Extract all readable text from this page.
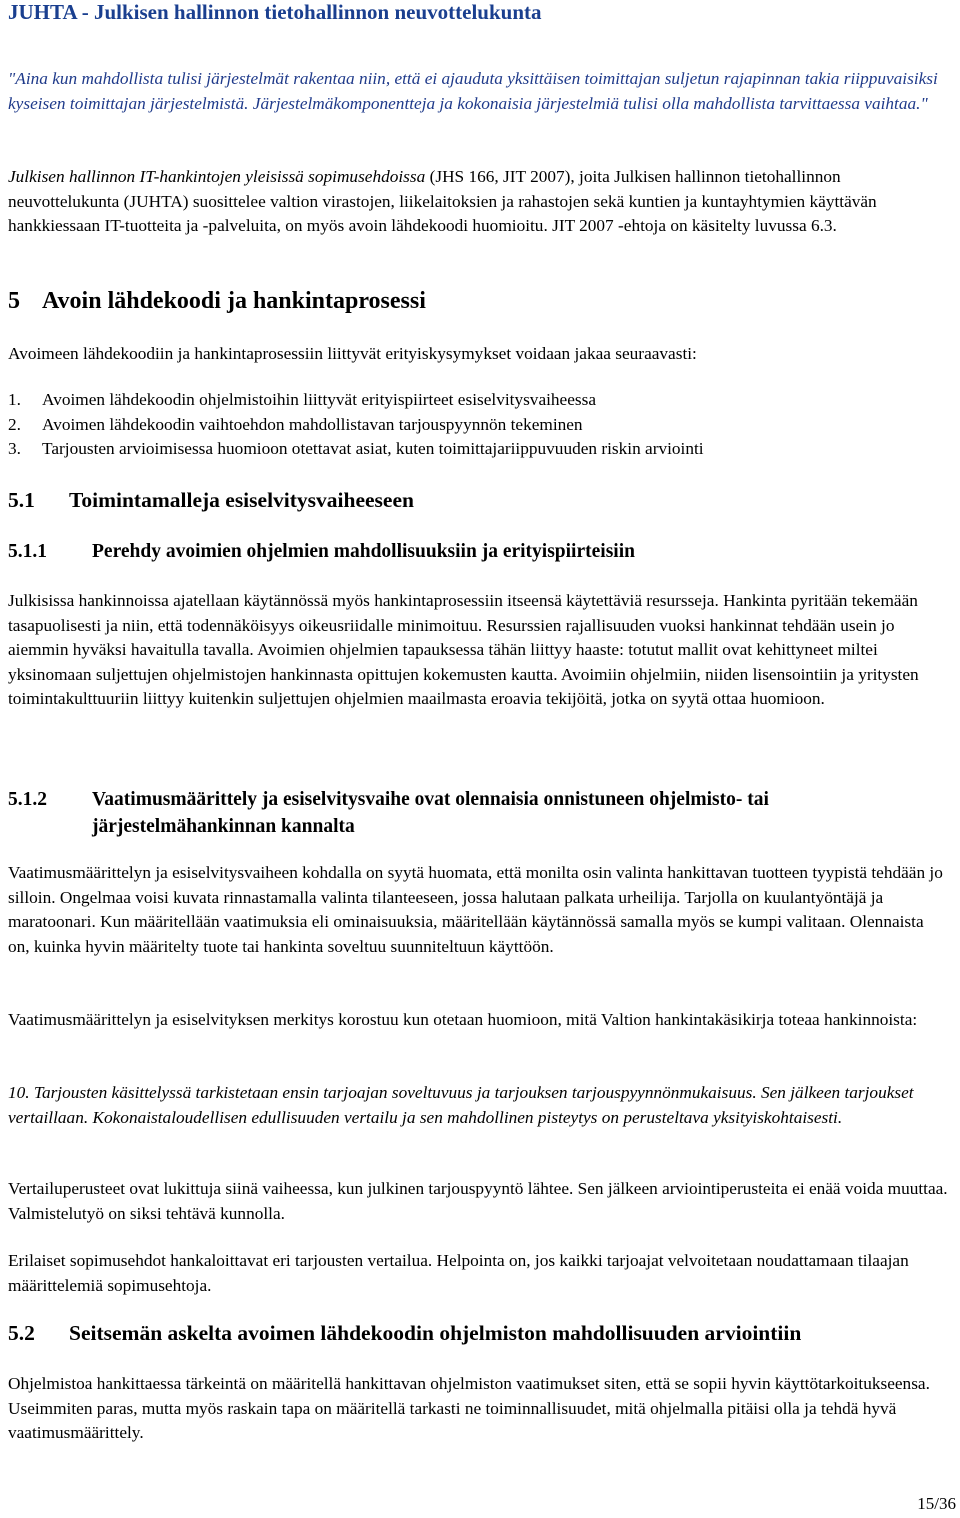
JUHTA - Julkisen hallinnon tietohallinnon neuvottelukunta

"Aina kun mahdollista tulisi järjestelmät rakentaa niin, että ei ajauduta yksittäisen toimittajan suljetun rajapinnan takia riippuvaisiksi kyseisen toimittajan järjestelmistä. Järjestelmäkomponentteja ja kokonaisia järjestelmiä tulisi olla mahdollista tarvittaessa vaihtaa."

Julkisen hallinnon IT-hankintojen yleisissä sopimusehdoissa (JHS 166, JIT 2007), joita Julkisen hallinnon tietohallinnon neuvottelukunta (JUHTA) suosittelee valtion virastojen, liikelaitoksien ja rahastojen sekä kuntien ja kuntayhtymien käyttävän hankkiessaan IT-tuotteita ja -palveluita, on myös avoin lähdekoodi huomioitu. JIT 2007 -ehtoja on käsitelty luvussa 6.3.

5 Avoin lähdekoodi ja hankintaprosessi

Avoimeen lähdekoodiin ja hankintaprosessiin liittyvät erityiskysymykset voidaan jakaa seuraavasti:

1. Avoimen lähdekoodin ohjelmistoihin liittyvät erityispiirteet esiselvitysvaiheessa
2. Avoimen lähdekoodin vaihtoehdon mahdollistavan tarjouspyynnön tekeminen
3. Tarjousten arvioimisessa huomioon otettavat asiat, kuten toimittajariippuvuuden riskin arviointi
5.1 Toimintamalleja esiselvitysvaiheeseen
5.1.1 Perehdy avoimien ohjelmien mahdollisuuksiin ja erityispiirteisiin

Julkisissa hankinnoissa ajatellaan käytännössä myös hankintaprosessiin itseensä käytettäviä resursseja. Hankinta pyritään tekemään tasapuolisesti ja niin, että todennäköisyys oikeusriidalle minimoituu. Resurssien rajallisuuden vuoksi hankinnat tehdään usein jo aiemmin hyväksi havaitulla tavalla. Avoimien ohjelmien tapauksessa tähän liittyy haaste: totutut mallit ovat kehittyneet miltei yksinomaan suljettujen ohjelmistojen hankinnasta opittujen kokemusten kautta. Avoimiin ohjelmiin, niiden lisensointiin ja yritysten toimintakulttuuriin liittyy kuitenkin suljettujen ohjelmien maailmasta eroavia tekijöitä, jotka on syytä ottaa huomioon.

5.1.2 Vaatimusmäärittely ja esiselvitysvaihe ovat olennaisia onnistuneen ohjelmisto- tai järjestelmähankinnan kannalta

Vaatimusmäärittelyn ja esiselvitysvaiheen kohdalla on syytä huomata, että monilta osin valinta hankittavan tuotteen tyypistä tehdään jo silloin. Ongelmaa voisi kuvata rinnastamalla valinta tilanteeseen, jossa halutaan palkata urheilija. Tarjolla on kuulantyöntäjä ja maratoonari. Kun määritellään vaatimuksia eli ominaisuuksia, määritellään käytännössä samalla myös se kumpi valitaan. Olennaista on, kuinka hyvin määritelty tuote tai hankinta soveltuu suunniteltuun käyttöön.

Vaatimusmäärittelyn ja esiselvityksen merkitys korostuu kun otetaan huomioon, mitä Valtion hankintakäsikirja toteaa hankinnoista:

10. Tarjousten käsittelyssä tarkistetaan ensin tarjoajan soveltuvuus ja tarjouksen tarjouspyynnönmukaisuus. Sen jälkeen tarjoukset vertaillaan. Kokonaistaloudellisen edullisuuden vertailu ja sen mahdollinen pisteytys on perusteltava yksityiskohtaisesti.

Vertailuperusteet ovat lukittuja siinä vaiheessa, kun julkinen tarjouspyyntö lähtee. Sen jälkeen arviointiperusteita ei enää voida muuttaa. Valmistelutyö on siksi tehtävä kunnolla.

Erilaiset sopimusehdot hankaloittavat eri tarjousten vertailua. Helpointa on, jos kaikki tarjoajat velvoitetaan noudattamaan tilaajan määrittelemiä sopimusehtoja.

5.2 Seitsemän askelta avoimen lähdekoodin ohjelmiston mahdollisuuden arviointiin

Ohjelmistoa hankittaessa tärkeintä on määritellä hankittavan ohjelmiston vaatimukset siten, että se sopii hyvin käyttötarkoitukseensa. Useimmiten paras, mutta myös raskain tapa on määritellä tarkasti ne toiminnallisuudet, mitä ohjelmalla pitäisi olla ja tehdä hyvä vaatimusmäärittely.

15/36
